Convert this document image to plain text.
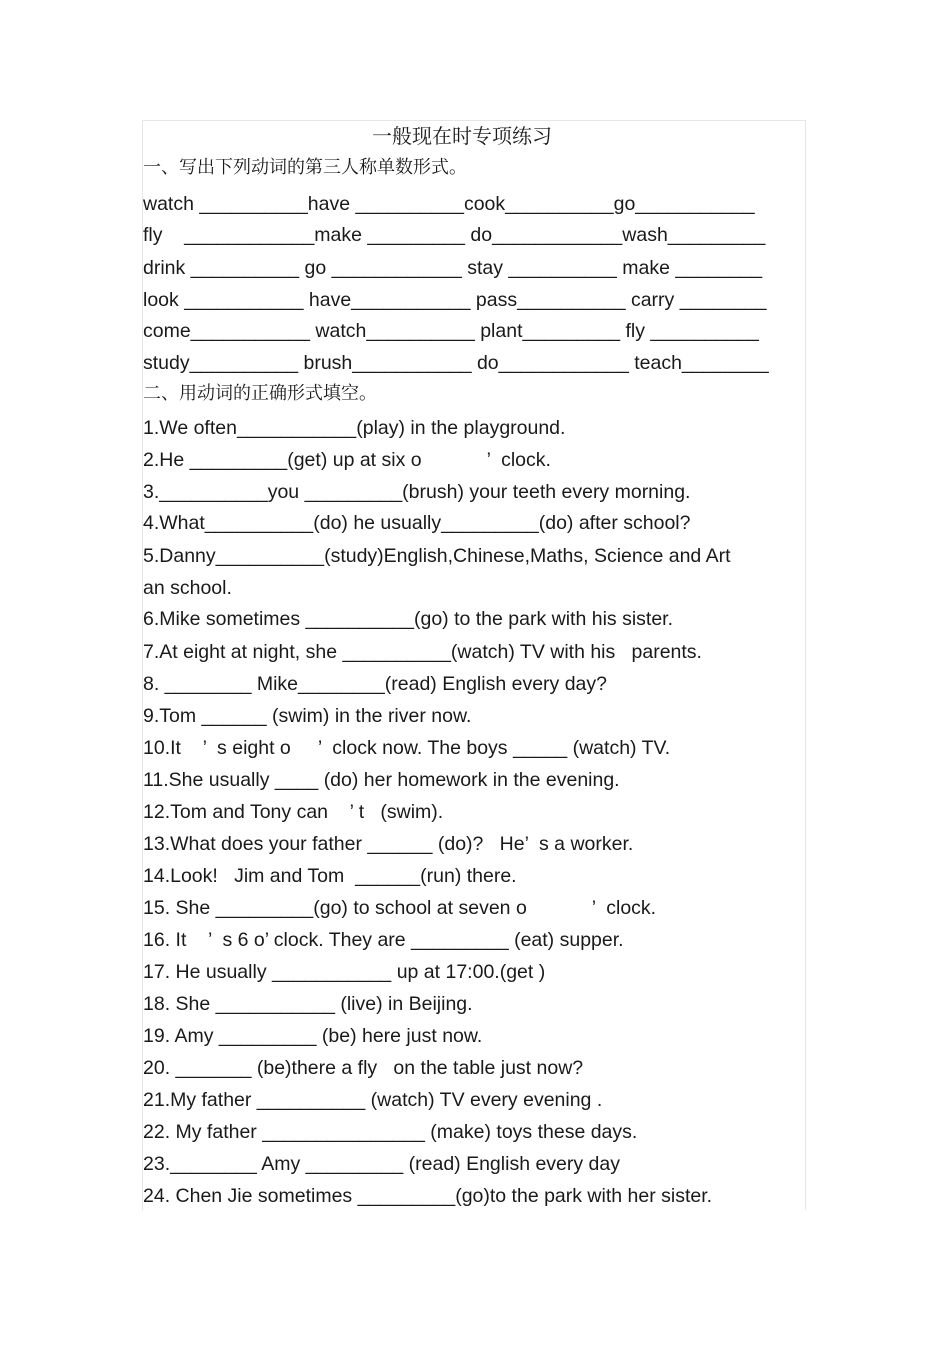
一般现在时专项练习
一、写出下列动词的第三人称单数形式。
watch __________have __________cook__________go___________
fly    ____________make _________ do____________wash_________
drink __________ go ____________ stay __________ make ________
look ___________ have___________ pass__________ carry ________
come___________ watch__________ plant_________ fly __________
study__________ brush___________ do____________ teach________
二、用动词的正确形式填空。
1.We often___________(play) in the playground.
2.He _________(get) up at six o            ’  clock.
3.__________you _________(brush) your teeth every morning.
4.What__________(do) he usually_________(do) after school?
5.Danny__________(study)English,Chinese,Maths, Science and Art
an school.
6.Mike sometimes __________(go) to the park with his sister.
7.At eight at night, she __________(watch) TV with his   parents.
8. ________ Mike________(read) English every day?
9.Tom ______ (swim) in the river now.
10.It    ’  s eight o     ’  clock now. The boys _____ (watch) TV.
11.She usually ____ (do) her homework in the evening.
12.Tom and Tony can    ’ t   (swim).
13.What does your father ______ (do)?   He’  s a worker.
14.Look!   Jim and Tom  ______(run) there.
15. She _________(go) to school at seven o            ’  clock.
16. It    ’  s 6 o’ clock. They are _________ (eat) supper.
17. He usually ___________ up at 17:00.(get )
18. She ___________ (live) in Beijing.
19. Amy _________ (be) here just now.
20. _______ (be)there a fly   on the table just now?
21.My father __________ (watch) TV every evening .
22. My father _______________ (make) toys these days.
23.________ Amy _________ (read) English every day
24. Chen Jie sometimes _________(go)to the park with her sister.
